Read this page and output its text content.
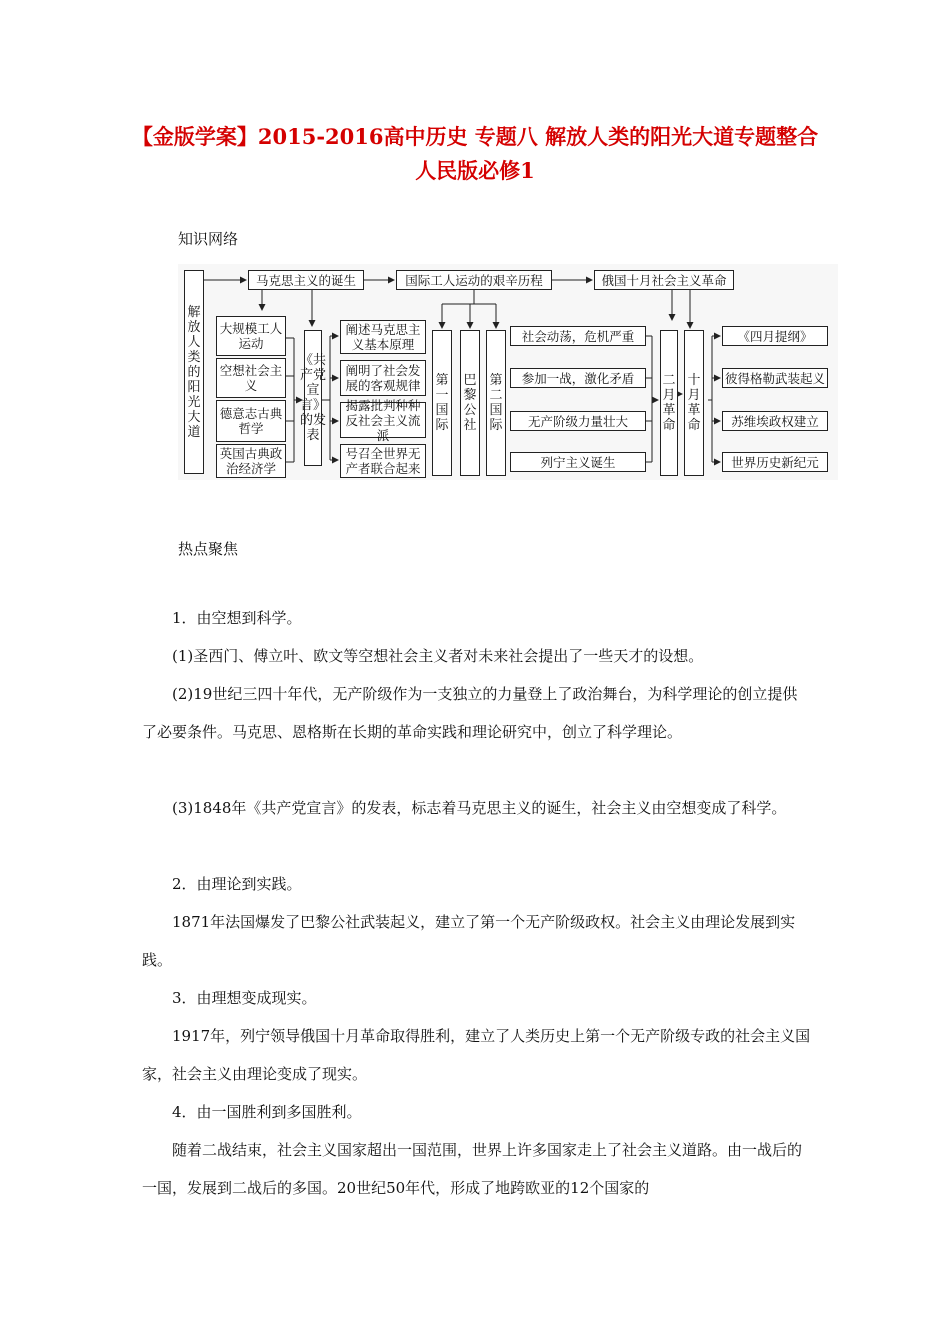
【金版学案】2015-2016高中历史 专题八 解放人类的阳光大道专题整合 人民版必修1
知识网络
解放人类的阳光大道
马克思主义的诞生	国际工人运动的艰辛历程	俄国十月社会主义革命
大规模工人运动
空想社会主义
德意志古典哲学
英国古典政治经济学
《共产党宣言》的发表
阐述马克思主义基本原理
阐明了社会发展的客观规律
揭露批判种种反社会主义流派
号召全世界无产者联合起来
第一国际
巴黎公社
第二国际
社会动荡，危机严重
参加一战，激化矛盾
无产阶级力量壮大
列宁主义诞生
二月革命
十月革命
《四月提纲》
彼得格勒武装起义
苏维埃政权建立
世界历史新纪元
热点聚焦
1．由空想到科学。
(1)圣西门、傅立叶、欧文等空想社会主义者对未来社会提出了一些天才的设想。
(2)19世纪三四十年代，无产阶级作为一支独立的力量登上了政治舞台，为科学理论的创立提供了必要条件。马克思、恩格斯在长期的革命实践和理论研究中，创立了科学理论。
(3)1848年《共产党宣言》的发表，标志着马克思主义的诞生，社会主义由空想变成了科学。
2．由理论到实践。
1871年法国爆发了巴黎公社武装起义，建立了第一个无产阶级政权。社会主义由理论发展到实践。
3．由理想变成现实。
1917年，列宁领导俄国十月革命取得胜利，建立了人类历史上第一个无产阶级专政的社会主义国家，社会主义由理论变成了现实。
4．由一国胜利到多国胜利。
随着二战结束，社会主义国家超出一国范围，世界上许多国家走上了社会主义道路。由一战后的一国，发展到二战后的多国。20世纪50年代，形成了地跨欧亚的12个国家的
